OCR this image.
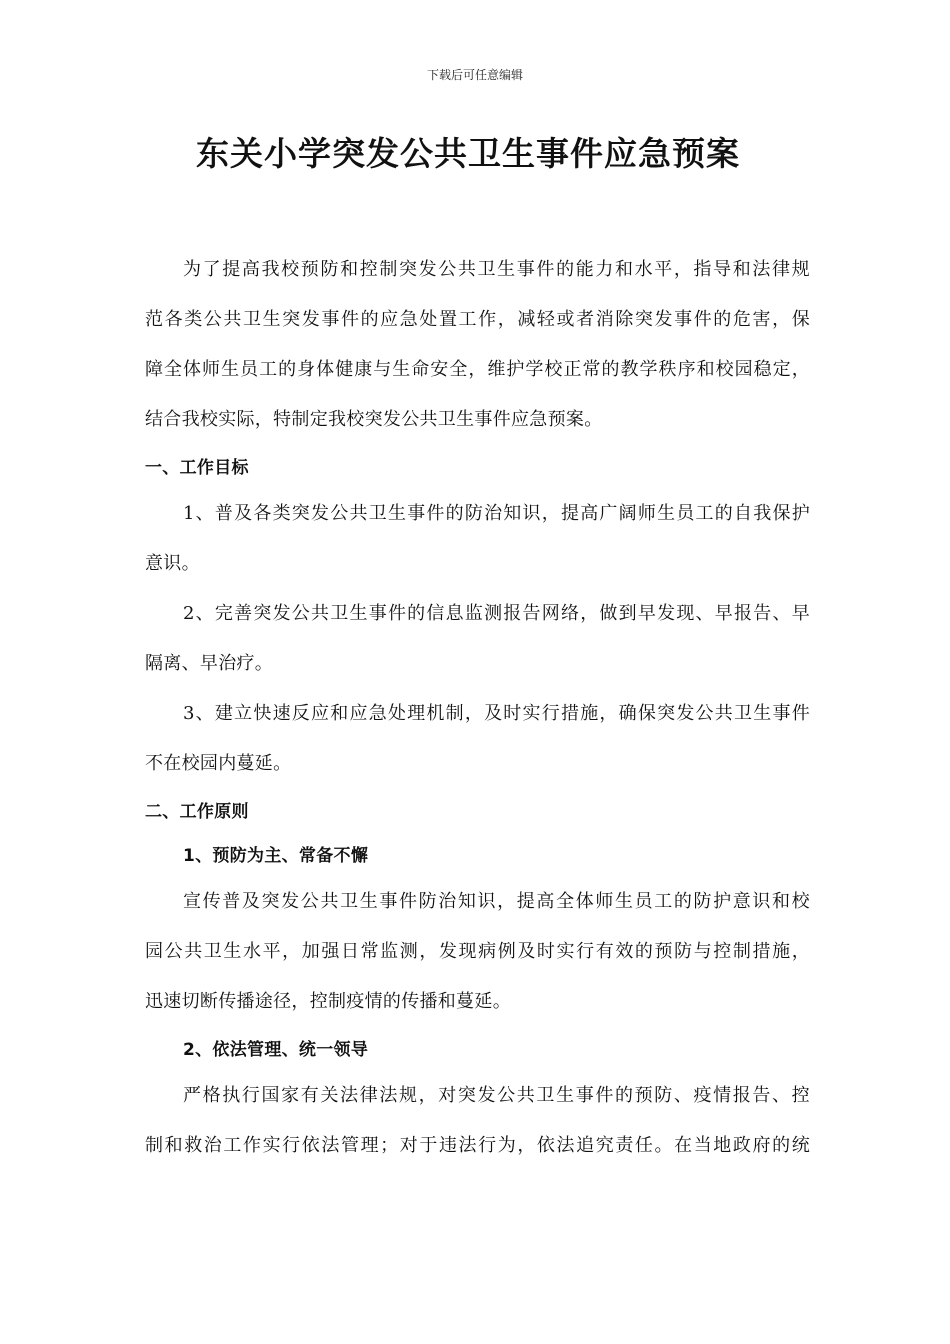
下载后可任意编辑
东关小学突发公共卫生事件应急预案
为了提高我校预防和控制突发公共卫生事件的能力和水平，指导和法律规
范各类公共卫生突发事件的应急处置工作，减轻或者消除突发事件的危害，保
障全体师生员工的身体健康与生命安全，维护学校正常的教学秩序和校园稳定，
结合我校实际，特制定我校突发公共卫生事件应急预案。
一、工作目标
1、普及各类突发公共卫生事件的防治知识，提高广阔师生员工的自我保护
意识。
2、完善突发公共卫生事件的信息监测报告网络，做到早发现、早报告、早
隔离、早治疗。
3、建立快速反应和应急处理机制，及时实行措施，确保突发公共卫生事件
不在校园内蔓延。
二、工作原则
1、预防为主、常备不懈
宣传普及突发公共卫生事件防治知识，提高全体师生员工的防护意识和校
园公共卫生水平，加强日常监测，发现病例及时实行有效的预防与控制措施，
迅速切断传播途径，控制疫情的传播和蔓延。
2、依法管理、统一领导
严格执行国家有关法律法规，对突发公共卫生事件的预防、疫情报告、控
制和救治工作实行依法管理；对于违法行为，依法追究责任。在当地政府的统
